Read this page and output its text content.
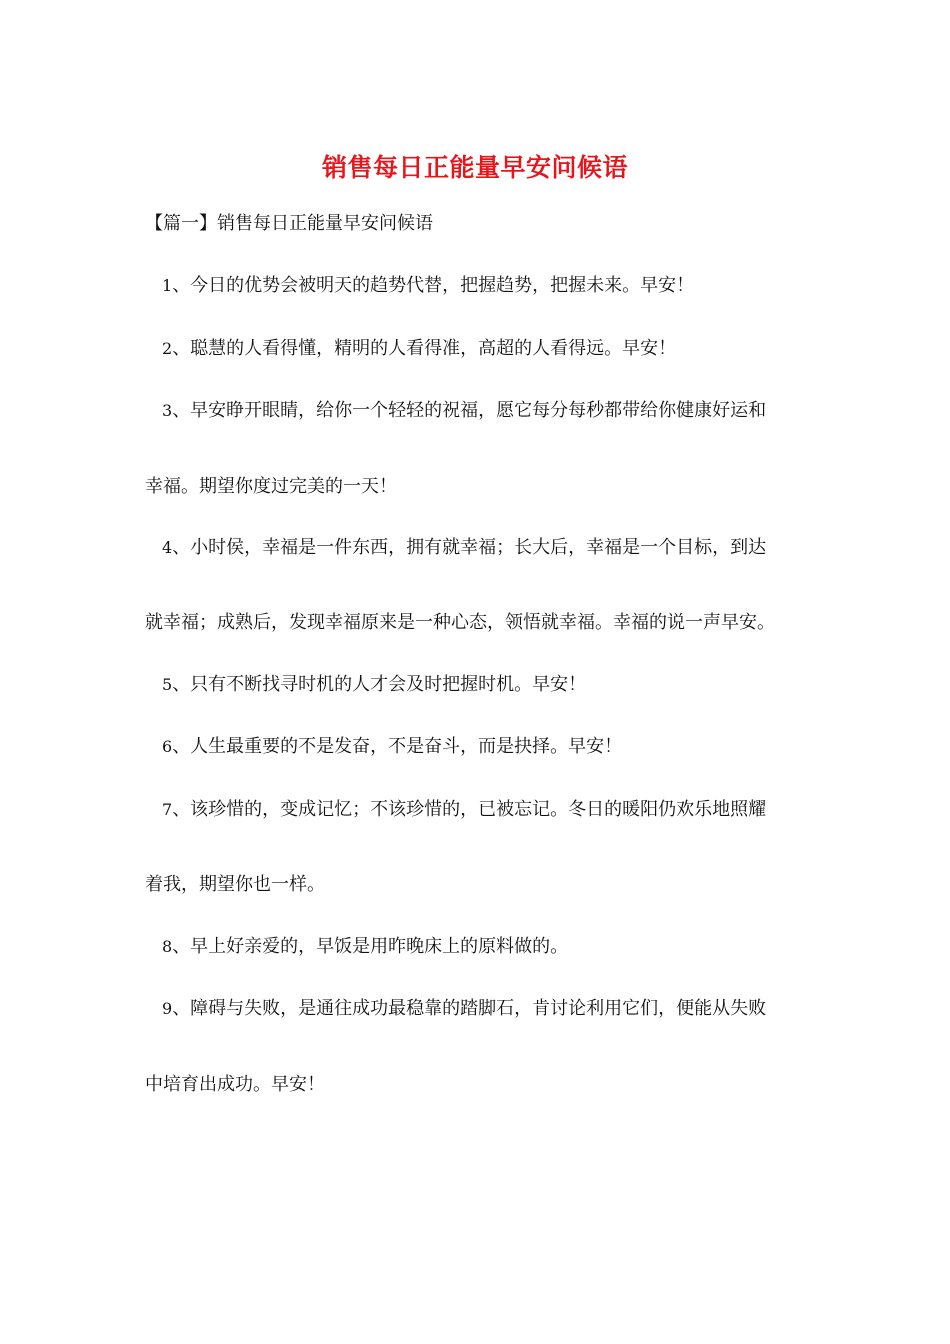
销售每日正能量早安问候语
【篇一】销售每日正能量早安问候语
1、今日的优势会被明天的趋势代替，把握趋势，把握未来。早安！
2、聪慧的人看得懂，精明的人看得准，高超的人看得远。早安！
3、早安睁开眼睛，给你一个轻轻的祝福，愿它每分每秒都带给你健康好运和
幸福。期望你度过完美的一天！
4、小时侯，幸福是一件东西，拥有就幸福；长大后，幸福是一个目标，到达
就幸福；成熟后，发现幸福原来是一种心态，领悟就幸福。幸福的说一声早安。
5、只有不断找寻时机的人才会及时把握时机。早安！
6、人生最重要的不是发奋，不是奋斗，而是抉择。早安！
7、该珍惜的，变成记忆；不该珍惜的，已被忘记。冬日的暖阳仍欢乐地照耀
着我，期望你也一样。
8、早上好亲爱的，早饭是用昨晚床上的原料做的。
9、障碍与失败，是通往成功最稳靠的踏脚石，肯讨论利用它们，便能从失败
中培育出成功。早安！
